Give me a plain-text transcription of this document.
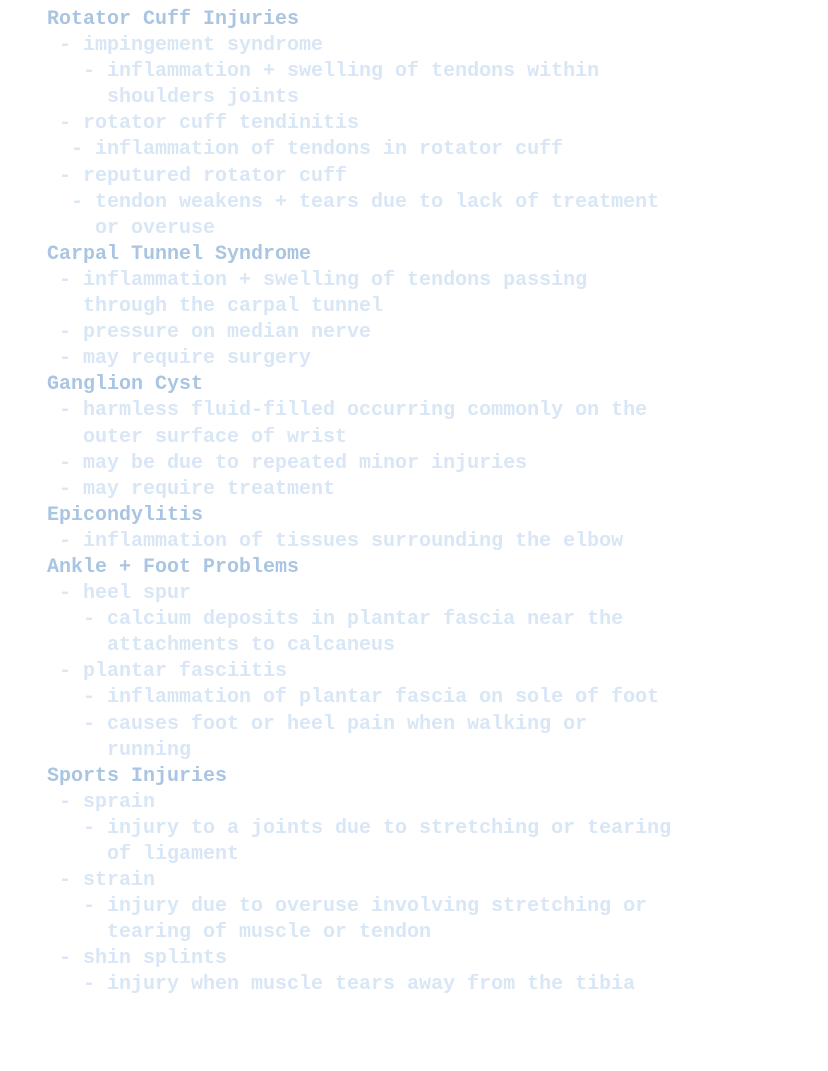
Rotator Cuff Injuries
- impingement syndrome
- inflammation + swelling of tendons within
shoulders joints
- rotator cuff tendinitis
- inflammation of tendons in rotator cuff
- reputured rotator cuff
- tendon weakens + tears due to lack of treatment
or overuse
Carpal Tunnel Syndrome
- inflammation + swelling of tendons passing
through the carpal tunnel
- pressure on median nerve
- may require surgery
Ganglion Cyst
- harmless fluid-filled occurring commonly on the
outer surface of wrist
- may be due to repeated minor injuries
- may require treatment
Epicondylitis
- inflammation of tissues surrounding the elbow
Ankle + Foot Problems
- heel spur
- calcium deposits in plantar fascia near the
attachments to calcaneus
- plantar fasciitis
- inflammation of plantar fascia on sole of foot
- causes foot or heel pain when walking or
running
Sports Injuries
- sprain
- injury to a joints due to stretching or tearing
of ligament
- strain
- injury due to overuse involving stretching or
tearing of muscle or tendon
- shin splints
- injury when muscle tears away from the tibia
